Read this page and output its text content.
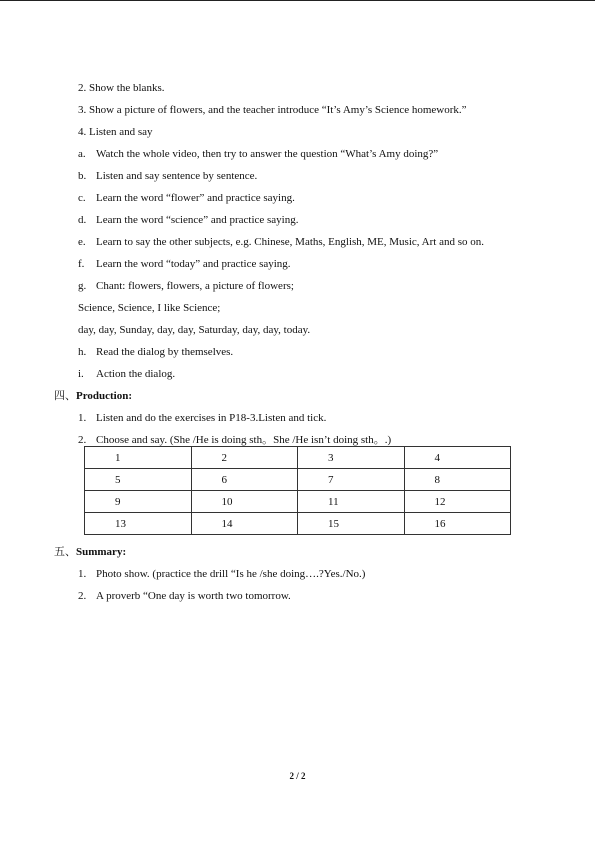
2. Show the blanks.
3. Show a picture of flowers, and the teacher introduce “It’s Amy’s Science homework.”
4. Listen and say
a. Watch the whole video, then try to answer the question “What’s Amy doing?”
b. Listen and say sentence by sentence.
c. Learn the word “flower” and practice saying.
d. Learn the word “science” and practice saying.
e. Learn to say the other subjects, e.g. Chinese, Maths, English, ME, Music, Art and so on.
f. Learn the word “today” and practice saying.
g. Chant: flowers, flowers, a picture of flowers;
Science, Science, I like Science;
day, day, Sunday, day, day, Saturday, day, day, today.
h. Read the dialog by themselves.
i. Action the dialog.
四、Production:
1. Listen and do the exercises in P18-3.Listen and tick.
2. Choose and say. (She /He is doing sth。She /He isn’t doing sth。.)
1	2	3	4
5	6	7	8
9	10	11	12
13	14	15	16
五、Summary:
1. Photo show. (practice the drill “Is he /she doing….?Yes./No.)
2. A proverb “One day is worth two tomorrow.
2 / 2
